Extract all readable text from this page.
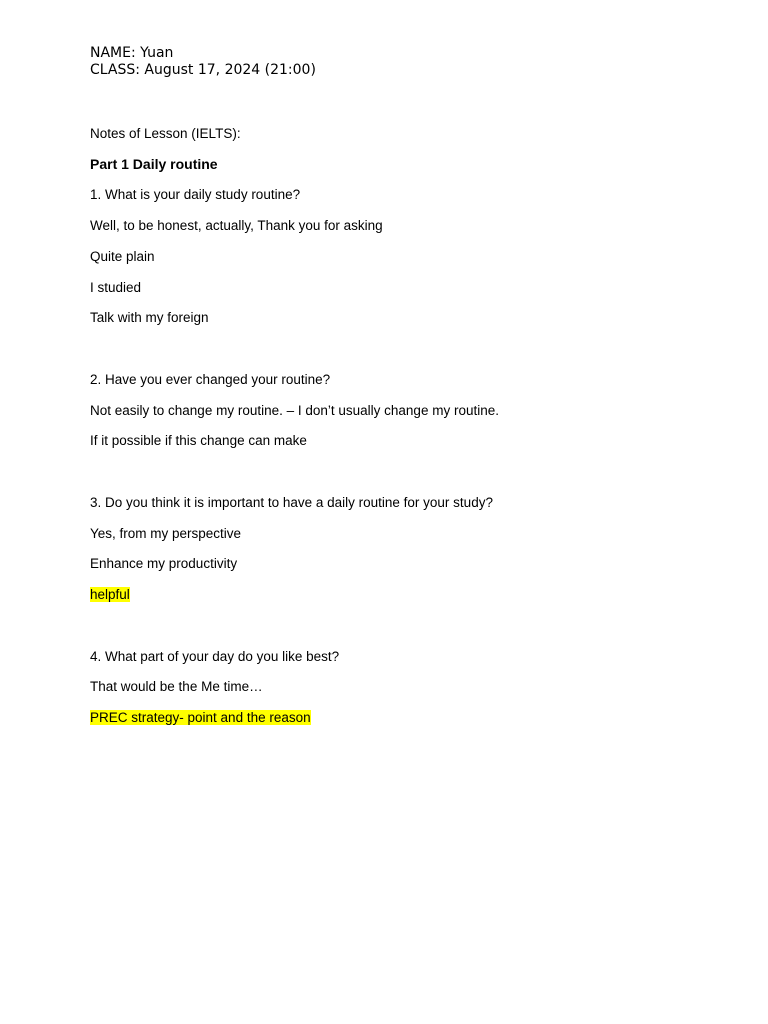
NAME: Yuan
CLASS: August 17, 2024 (21:00)
Notes of Lesson (IELTS):
Part 1 Daily routine
1. What is your daily study routine?
Well, to be honest, actually, Thank you for asking
Quite plain
I studied
Talk with my foreign
2. Have you ever changed your routine?
Not easily to change my routine. – I don’t usually change my routine.
If it possible if this change can make
3. Do you think it is important to have a daily routine for your study?
Yes, from my perspective
Enhance my productivity
helpful
4. What part of your day do you like best?
That would be the Me time…
PREC strategy- point and the reason
